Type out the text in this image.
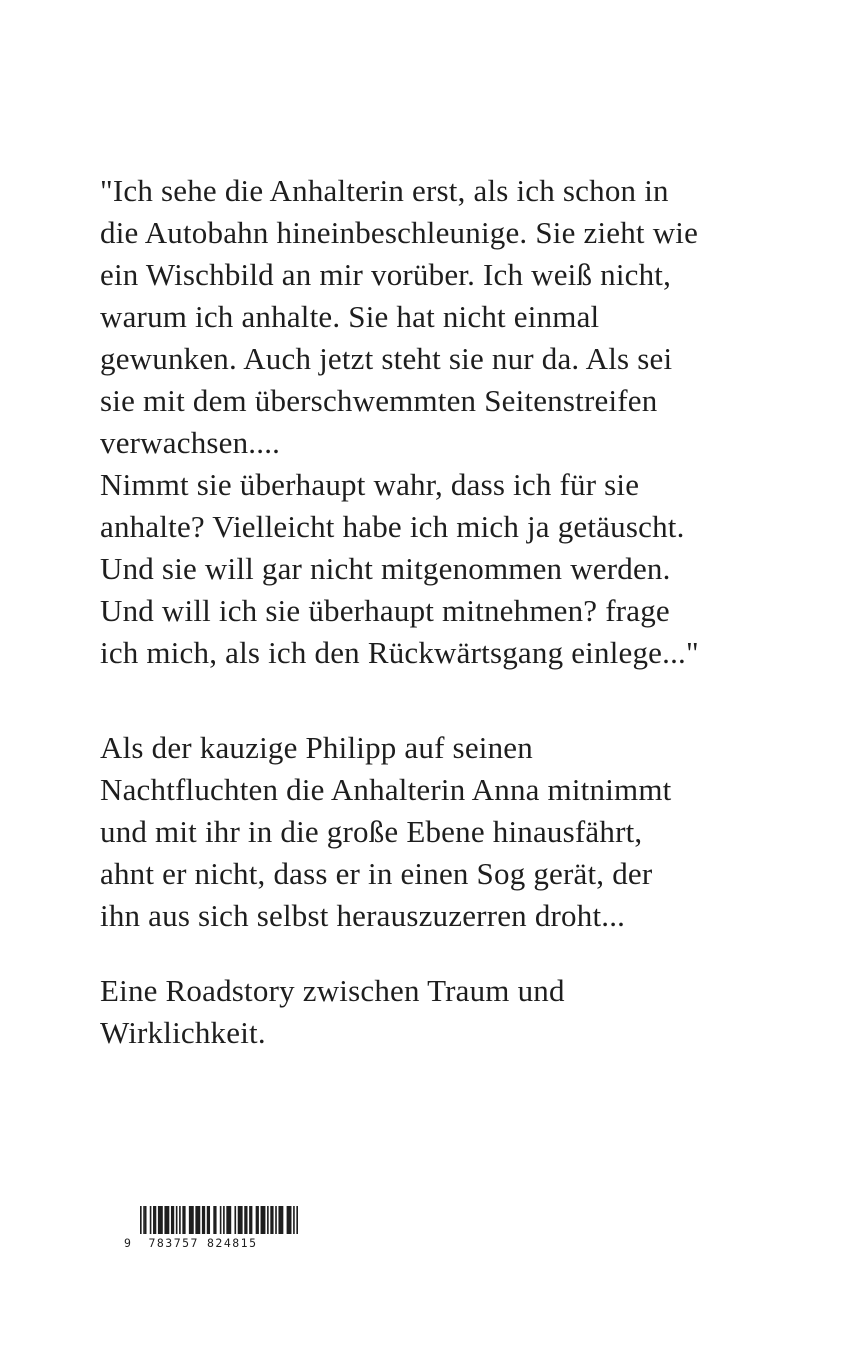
"Ich sehe die Anhalterin erst, als ich schon in
die Autobahn hineinbeschleunige. Sie zieht wie
ein Wischbild an mir vorüber. Ich weiß nicht,
warum ich anhalte. Sie hat nicht einmal
gewunken. Auch jetzt steht sie nur da. Als sei
sie mit dem überschwemmten Seitenstreifen
verwachsen....
Nimmt sie überhaupt wahr, dass ich für sie
anhalte? Vielleicht habe ich mich ja getäuscht.
Und sie will gar nicht mitgenommen werden.
Und will ich sie überhaupt mitnehmen? frage
ich mich, als ich den Rückwärtsgang einlege..."
Als der kauzige Philipp auf seinen
Nachtfluchten die Anhalterin Anna mitnimmt
und mit ihr in die große Ebene hinausfährt,
ahnt er nicht, dass er in einen Sog gerät, der
ihn aus sich selbst herauszuzerren droht...
Eine Roadstory zwischen Traum und
Wirklichkeit.
9 783757 824815
